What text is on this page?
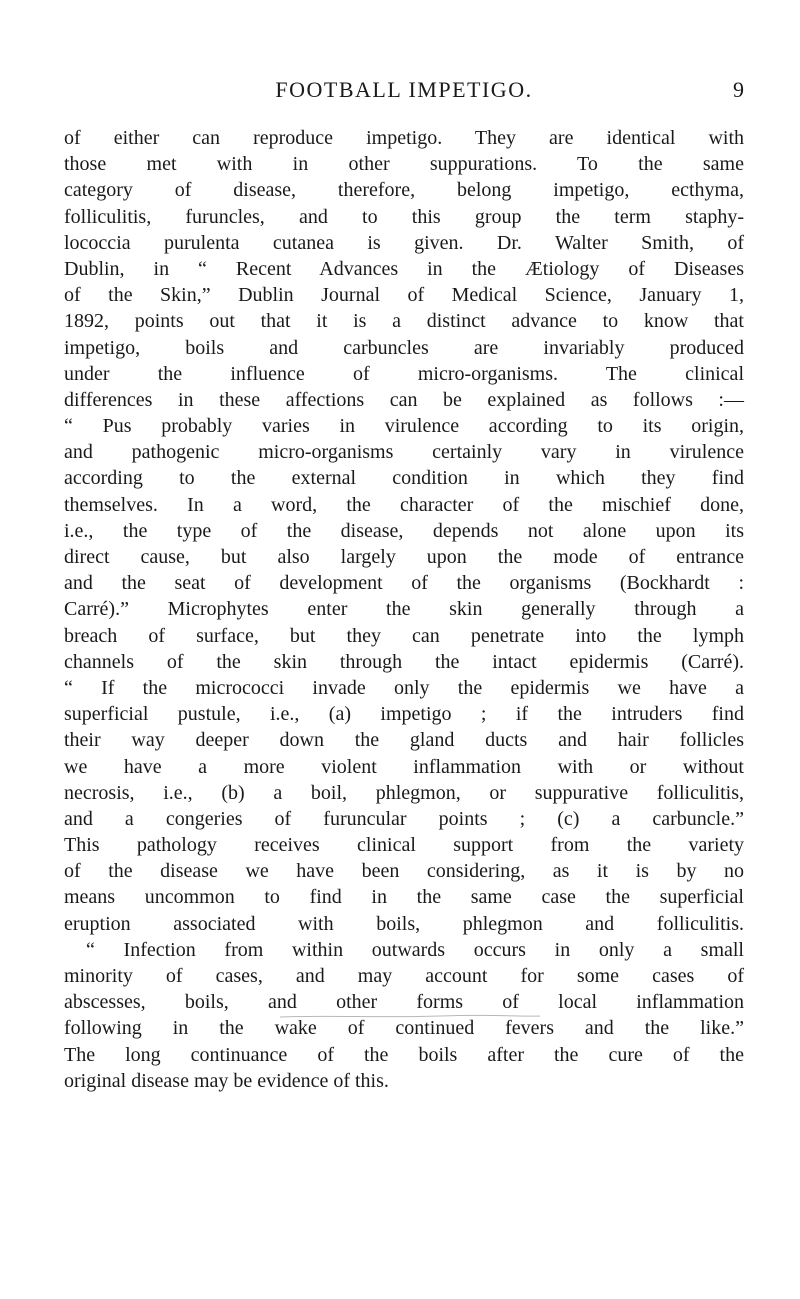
FOOTBALL IMPETIGO.	9
of either can reproduce impetigo. They are identical with
those met with in other suppurations. To the same
category of disease, therefore, belong impetigo, ecthyma,
folliculitis, furuncles, and to this group the term staphy-
lococcia purulenta cutanea is given. Dr. Walter Smith, of
Dublin, in “ Recent Advances in the Ætiology of Diseases
of the Skin,” Dublin Journal of Medical Science, January 1,
1892, points out that it is a distinct advance to know that
impetigo, boils and carbuncles are invariably produced
under the influence of micro-organisms. The clinical
differences in these affections can be explained as follows :—
“ Pus probably varies in virulence according to its origin,
and pathogenic micro-organisms certainly vary in virulence
according to the external condition in which they find
themselves. In a word, the character of the mischief done,
i.e., the type of the disease, depends not alone upon its
direct cause, but also largely upon the mode of entrance
and the seat of development of the organisms (Bockhardt :
Carré).” Microphytes enter the skin generally through a
breach of surface, but they can penetrate into the lymph
channels of the skin through the intact epidermis (Carré).
“ If the micrococci invade only the epidermis we have a
superficial pustule, i.e., (a) impetigo ; if the intruders find
their way deeper down the gland ducts and hair follicles
we have a more violent inflammation with or without
necrosis, i.e., (b) a boil, phlegmon, or suppurative folliculitis,
and a congeries of furuncular points ; (c) a carbuncle.”
This pathology receives clinical support from the variety
of the disease we have been considering, as it is by no
means uncommon to find in the same case the superficial
eruption associated with boils, phlegmon and folliculitis.
“ Infection from within outwards occurs in only a small
minority of cases, and may account for some cases of
abscesses, boils, and other forms of local inflammation
following in the wake of continued fevers and the like.”
The long continuance of the boils after the cure of the
original disease may be evidence of this.
